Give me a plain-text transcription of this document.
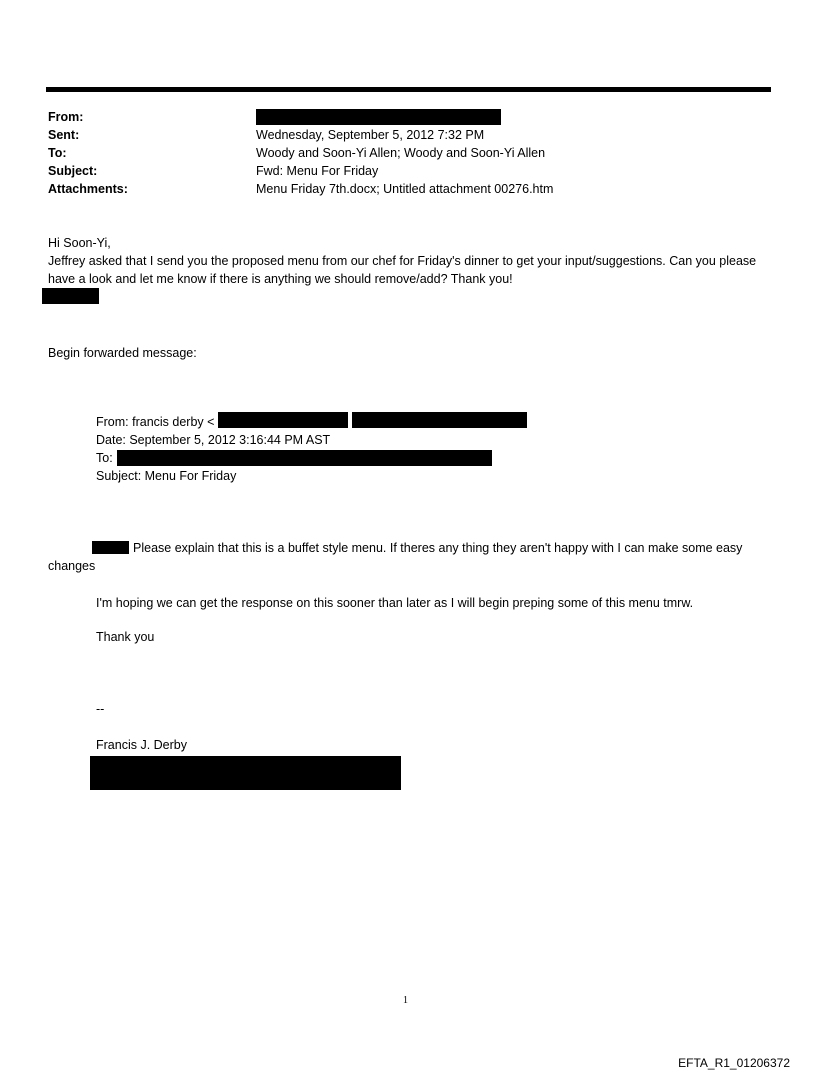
From:
Sent:
To:
Subject:
Attachments:
Wednesday, September 5, 2012 7:32 PM
Woody and Soon-Yi Allen; Woody and Soon-Yi Allen
Fwd: Menu For Friday
Menu Friday 7th.docx; Untitled attachment 00276.htm
Hi Soon-Yi,
Jeffrey asked that I send you the proposed menu from our chef for Friday's dinner to get your input/suggestions. Can you please have a look and let me know if there is anything we should remove/add? Thank you!
Begin forwarded message:
From: francis derby <
Date: September 5, 2012 3:16:44 PM AST
To:
Subject: Menu For Friday
Please explain that this is a buffet style menu. If theres any thing they aren't happy with I can make some easy changes
I'm hoping we can get the response on this sooner than later as I will begin preping some of this menu tmrw.
Thank you
--
Francis J. Derby
1
EFTA_R1_01206372
